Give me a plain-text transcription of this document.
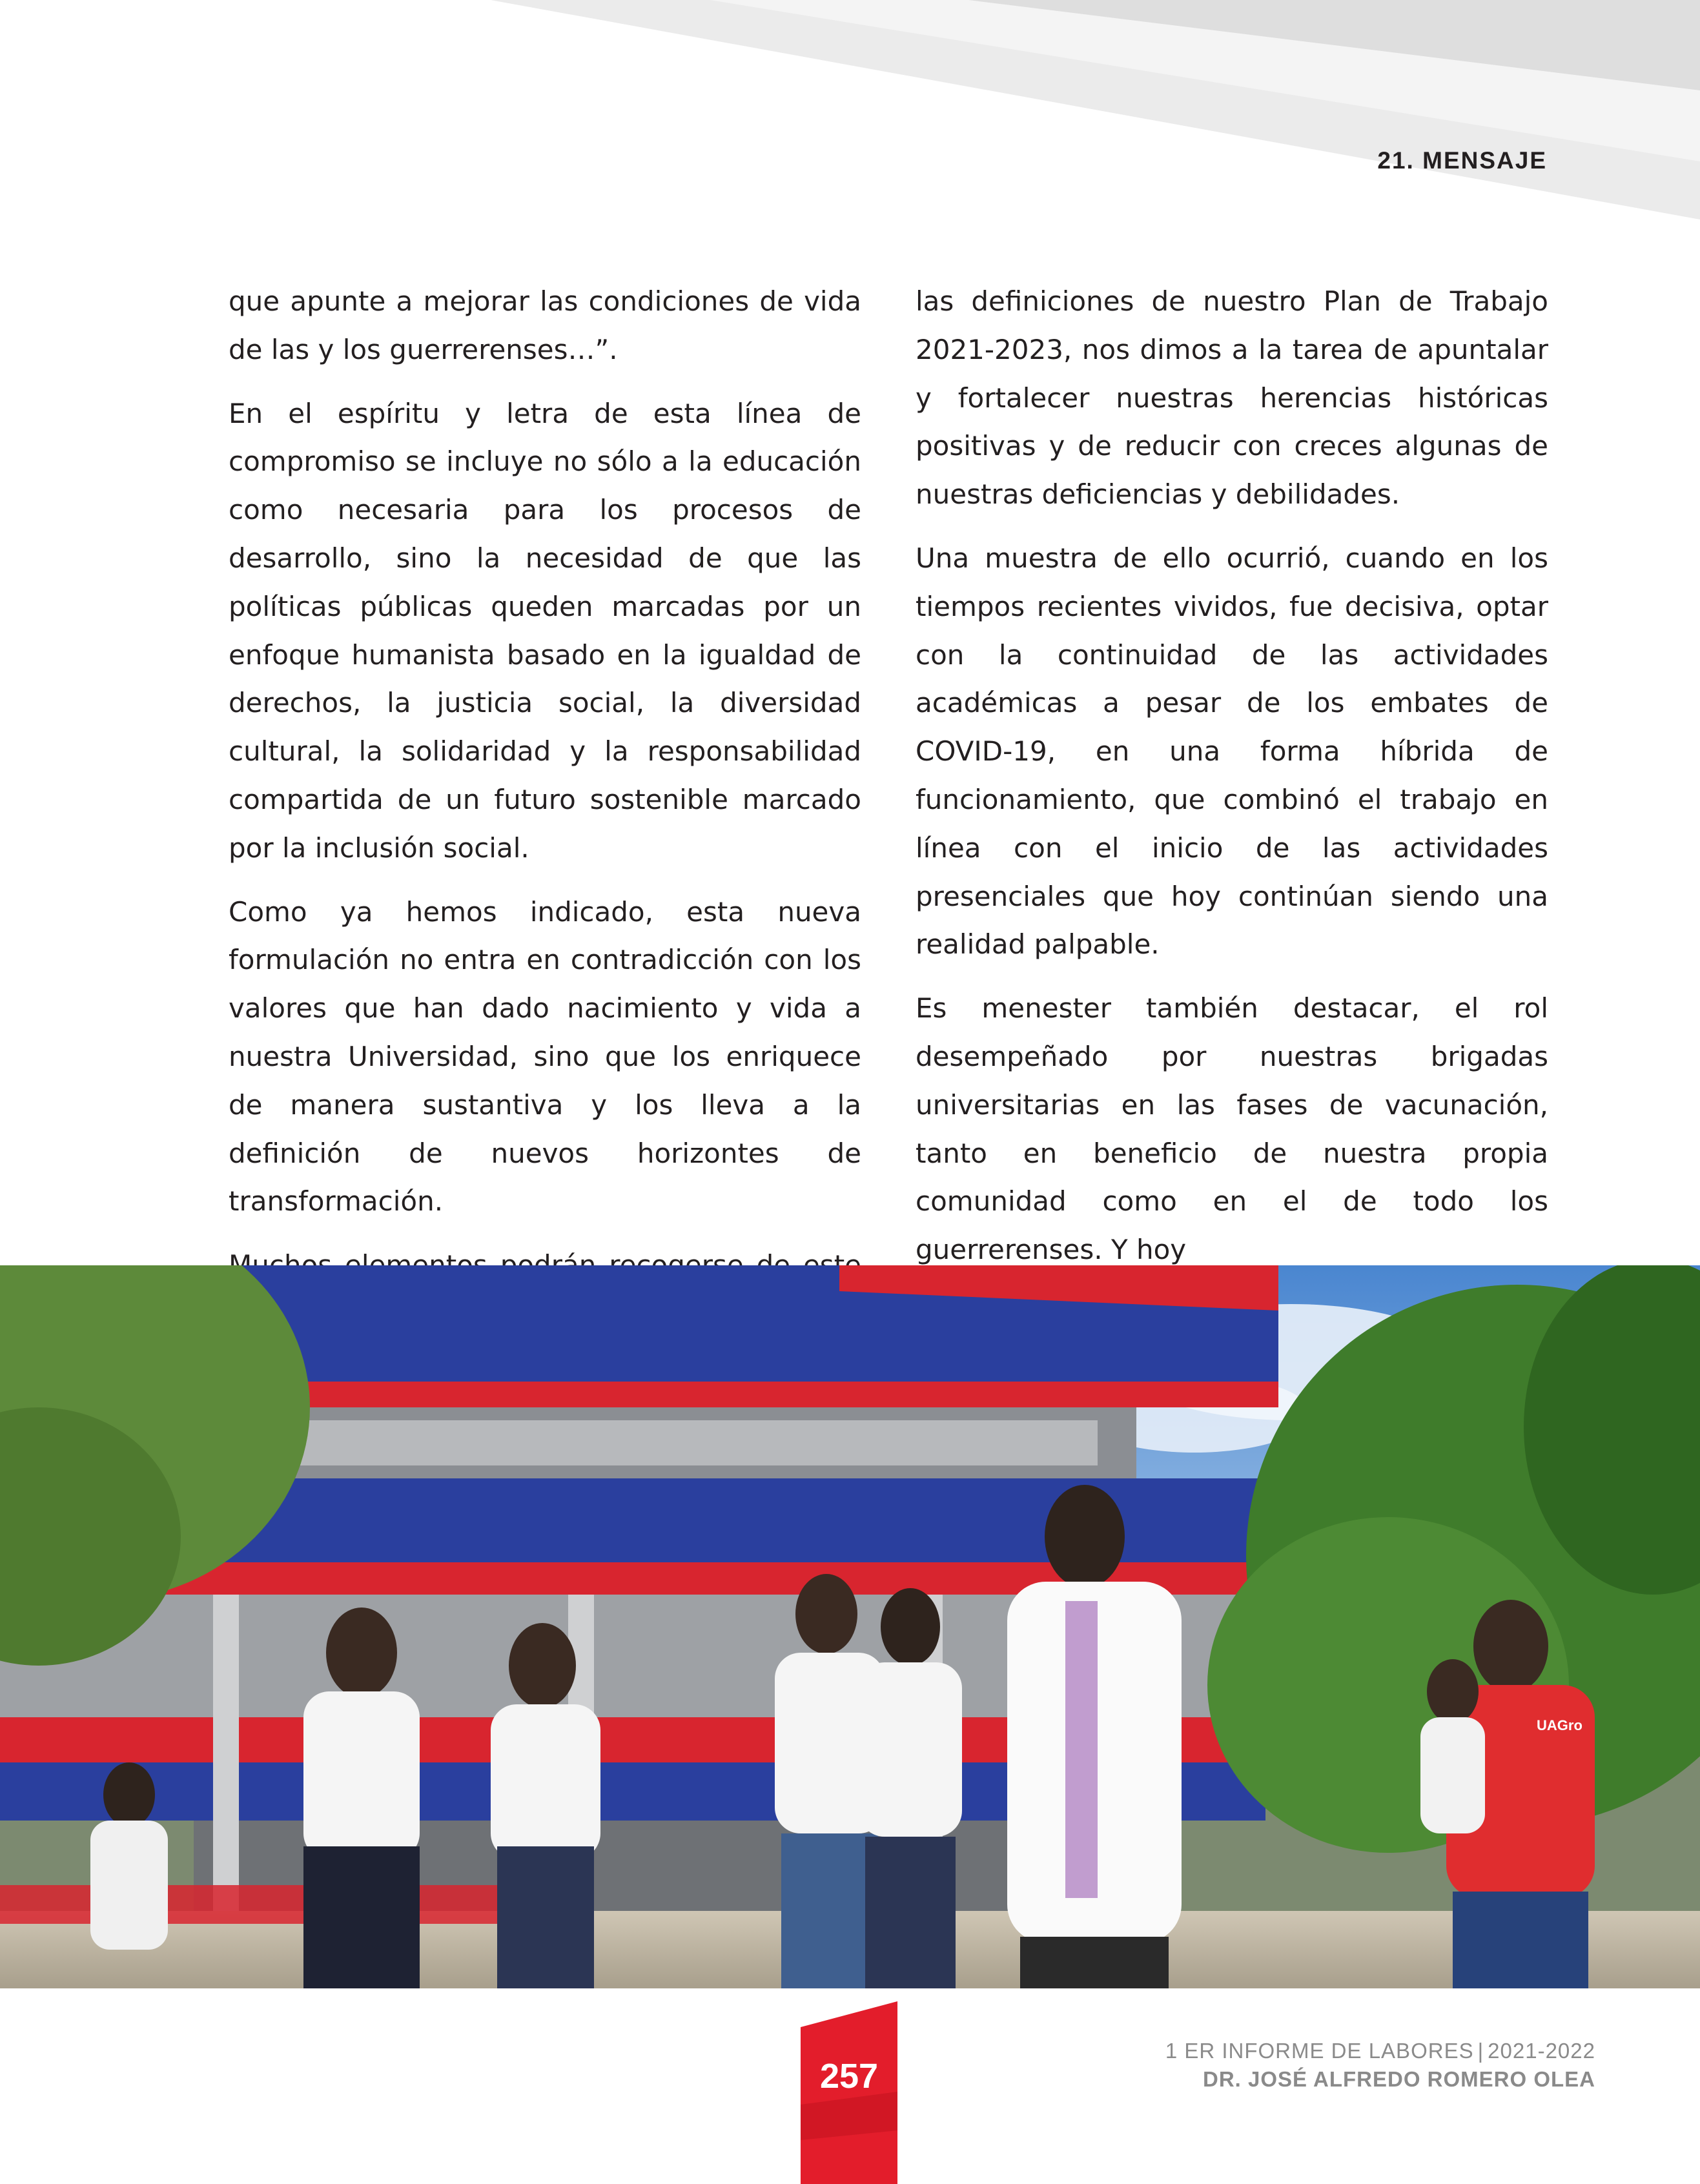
21. MENSAJE

que apunte a mejorar las condiciones de vida de las y los guerrerenses…”.

En el espíritu y letra de esta línea de compromiso se incluye no sólo a la educación como necesaria para los procesos de desarrollo, sino la necesidad de que las políticas públicas queden marcadas por un enfoque humanista basado en la igualdad de derechos, la justicia social, la diversidad cultural, la solidaridad y la responsabilidad compartida de un futuro sostenible marcado por la inclusión social.

Como ya hemos indicado, esta nueva formulación no entra en contradicción con los valores que han dado nacimiento y vida a nuestra Universidad, sino que los enriquece de manera sustantiva y los lleva a la definición de nuevos horizontes de transformación.

las definiciones de nuestro Plan de Trabajo 2021-2023, nos dimos a la tarea de apuntalar y fortalecer nuestras herencias históricas positivas y de reducir con creces algunas de nuestras deficiencias y debilidades.

Una muestra de ello ocurrió, cuando en los tiempos recientes vividos, fue decisiva, optar con la continuidad de las actividades académicas a pesar de los embates de COVID-19, en una forma híbrida de funcionamiento, que combinó el trabajo en línea con el inicio de las actividades presenciales que hoy continúan siendo una realidad palpable.

Es menester también destacar, el rol desempeñado por nuestras brigadas universitarias en las fases de vacunación, tanto en beneficio de nuestra propia comunidad como en el de todo los guerrerenses. Y hoy

UAGro
257
1 ER INFORME DE LABORES | 2021-2022
DR. JOSÉ ALFREDO ROMERO OLEA
